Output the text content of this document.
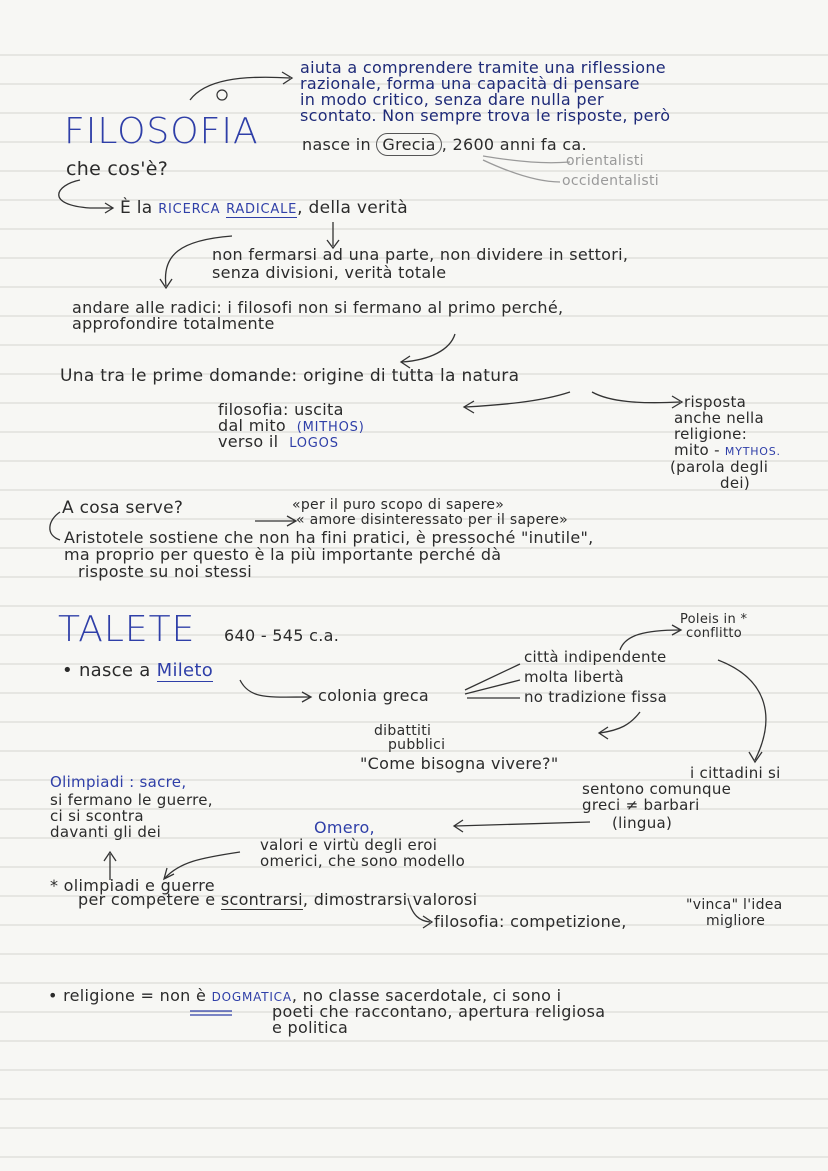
aiuta a comprendere tramite una riflessione
razionale, forma una capacità di pensare
in modo critico, senza dare nulla per
scontato. Non sempre trova le risposte, però
FILOSOFIA	nasce in Grecia , 2600 anni fa ca.
orientalisti
occidentalisti
che cos'è?
È la RICERCA RADICALE, della verità
non fermarsi ad una parte, non dividere in settori,
senza divisioni, verità totale
andare alle radici: i filosofi non si fermano al primo perché,
approfondire totalmente
Una tra le prime domande: origine di tutta la natura
filosofia: uscita
dal mito (MITHOS)
verso il LOGOS
risposta
anche nella
religione:
mito - MYTHOS.
(parola degli
dei)
A cosa serve?	«per il puro scopo di sapere»
« amore disinteressato per il sapere»
Aristotele sostiene che non ha fini pratici, è pressoché "inutile",
ma proprio per questo è la più importante perché dà
risposte su noi stessi
TALETE 640 - 545 c.a.
Poleis in *
conflitto
• nasce a Mileto
città indipendente
molta libertà
no tradizione fissa
colonia greca
dibattiti
pubblici
"Come bisogna vivere?"	i cittadini si
sentono comunque
greci ≠ barbari
(lingua)
Olimpiadi : sacre,
si fermano le guerre,
ci si scontra
davanti gli dei	Omero,
valori e virtù degli eroi
omerici, che sono modello
* olimpiadi e guerre
per competere e scontrarsi, dimostrarsi valorosi	"vinca" l'idea
migliore
filosofia: competizione,
• religione = non è DOGMATICA, no classe sacerdotale, ci sono i
poeti che raccontano, apertura religiosa
e politica
